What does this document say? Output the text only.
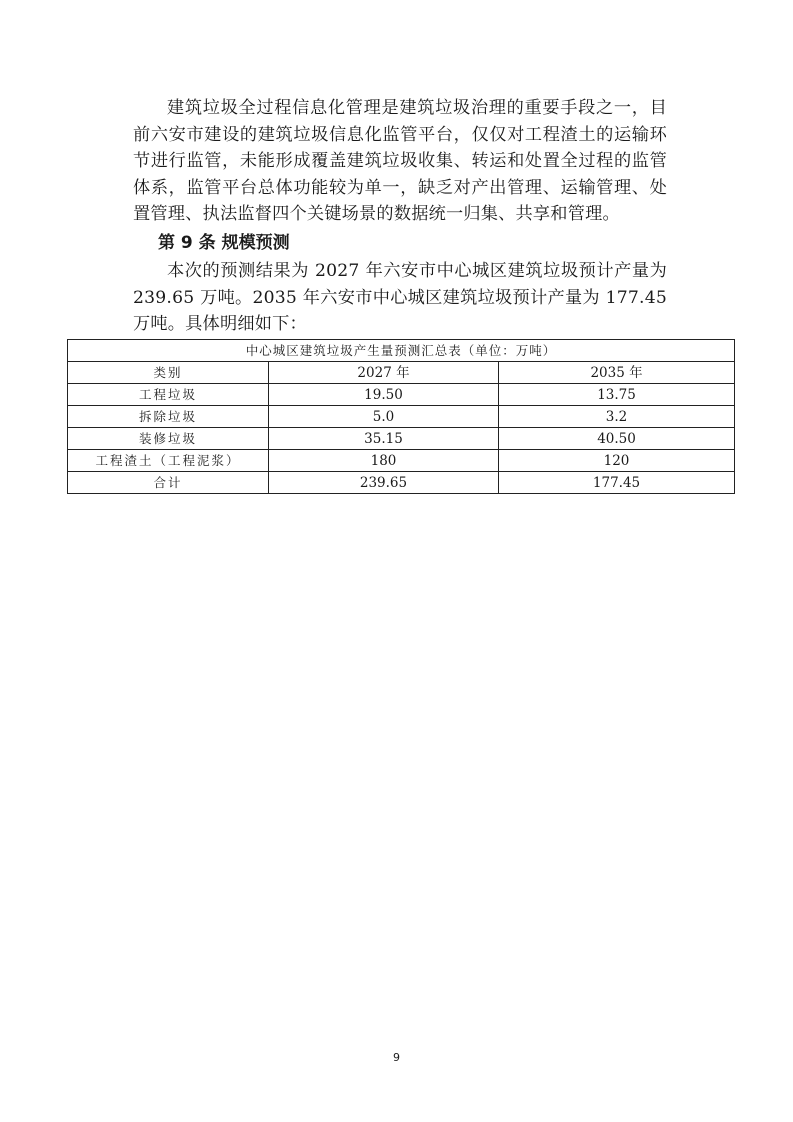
建筑垃圾全过程信息化管理是建筑垃圾治理的重要手段之一，目前六安市建设的建筑垃圾信息化监管平台，仅仅对工程渣土的运输环节进行监管，未能形成覆盖建筑垃圾收集、转运和处置全过程的监管体系，监管平台总体功能较为单一，缺乏对产出管理、运输管理、处置管理、执法监督四个关键场景的数据统一归集、共享和管理。

第 9 条 规模预测

本次的预测结果为 2027 年六安市中心城区建筑垃圾预计产量为 239.65 万吨。2035 年六安市中心城区建筑垃圾预计产量为 177.45 万吨。具体明细如下：

中心城区建筑垃圾产生量预测汇总表（单位：万吨）		
类别	2027 年	2035 年
工程垃圾	19.50	13.75
拆除垃圾	5.0	3.2
装修垃圾	35.15	40.50
工程渣土（工程泥浆）	180	120
合计	239.65	177.45
9
